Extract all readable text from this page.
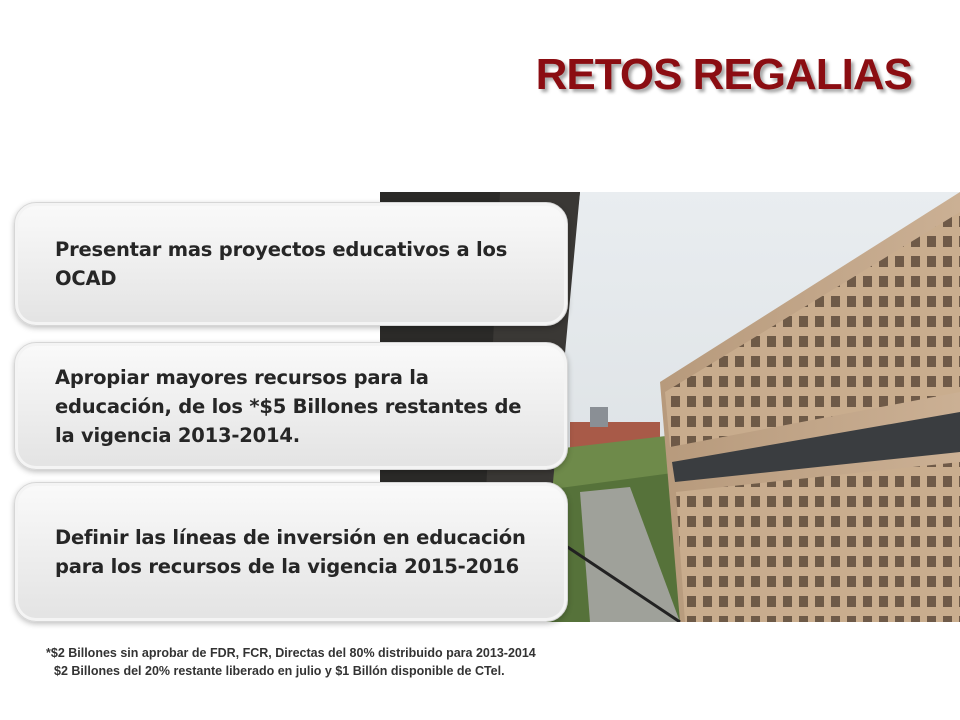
RETOS REGALIAS
Presentar mas proyectos educativos a los OCAD
Apropiar mayores recursos para la educación, de los *$5 Billones restantes de la vigencia 2013-2014.
Definir las líneas de inversión en educación para los recursos de la vigencia 2015-2016
*$2 Billones sin aprobar de FDR, FCR, Directas del 80% distribuido para 2013-2014
$2 Billones del 20% restante liberado en julio y $1 Billón disponible de CTel.
